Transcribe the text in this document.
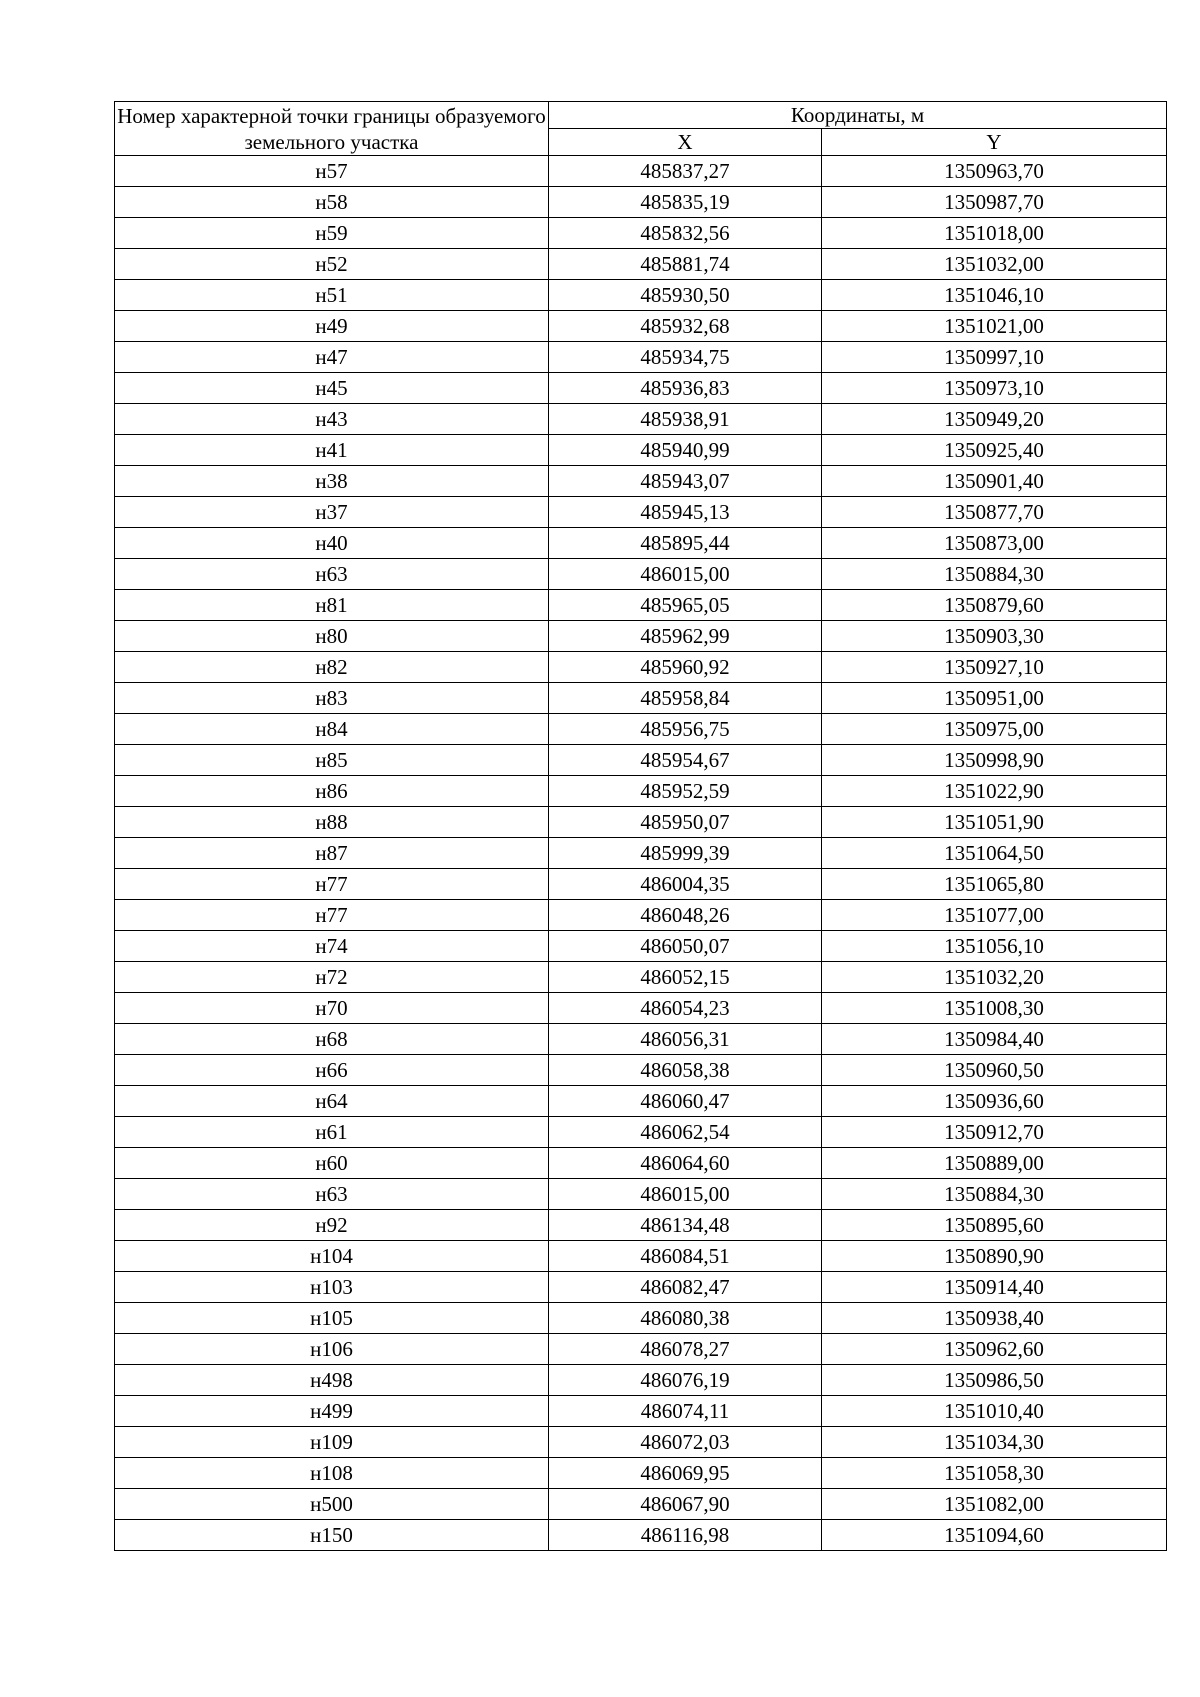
Номер характерной точки границы образуемого земельного участка	Координаты, м	
	X	Y
н57	485837,27	1350963,70
н58	485835,19	1350987,70
н59	485832,56	1351018,00
н52	485881,74	1351032,00
н51	485930,50	1351046,10
н49	485932,68	1351021,00
н47	485934,75	1350997,10
н45	485936,83	1350973,10
н43	485938,91	1350949,20
н41	485940,99	1350925,40
н38	485943,07	1350901,40
н37	485945,13	1350877,70
н40	485895,44	1350873,00
н63	486015,00	1350884,30
н81	485965,05	1350879,60
н80	485962,99	1350903,30
н82	485960,92	1350927,10
н83	485958,84	1350951,00
н84	485956,75	1350975,00
н85	485954,67	1350998,90
н86	485952,59	1351022,90
н88	485950,07	1351051,90
н87	485999,39	1351064,50
н77	486004,35	1351065,80
н77	486048,26	1351077,00
н74	486050,07	1351056,10
н72	486052,15	1351032,20
н70	486054,23	1351008,30
н68	486056,31	1350984,40
н66	486058,38	1350960,50
н64	486060,47	1350936,60
н61	486062,54	1350912,70
н60	486064,60	1350889,00
н63	486015,00	1350884,30
н92	486134,48	1350895,60
н104	486084,51	1350890,90
н103	486082,47	1350914,40
н105	486080,38	1350938,40
н106	486078,27	1350962,60
н498	486076,19	1350986,50
н499	486074,11	1351010,40
н109	486072,03	1351034,30
н108	486069,95	1351058,30
н500	486067,90	1351082,00
н150	486116,98	1351094,60
